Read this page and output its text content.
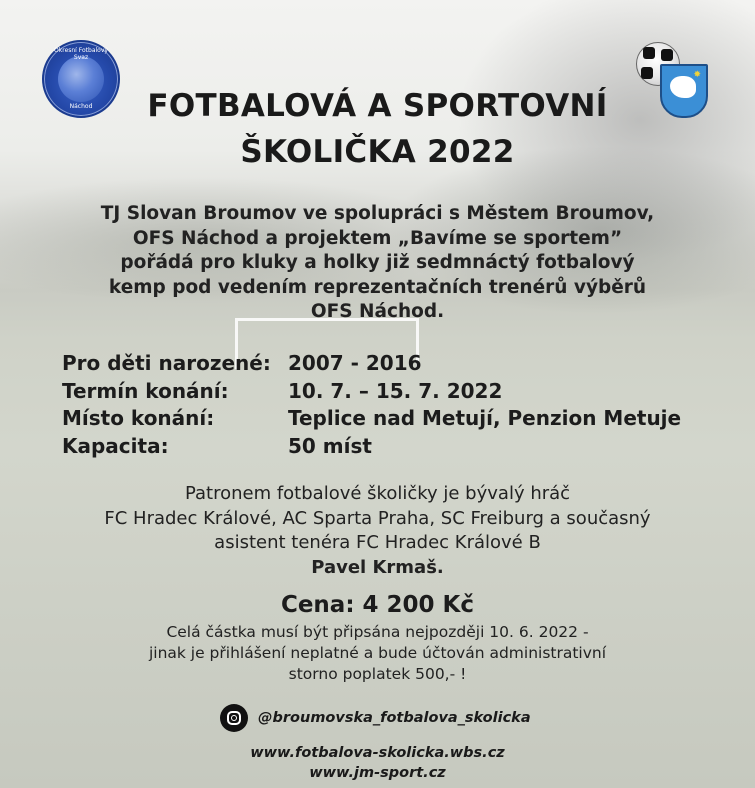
Okresní Fotbalový Svaz
Náchod
✸
FOTBALOVÁ A SPORTOVNÍ
ŠKOLIČKA 2022
TJ Slovan Broumov ve spolupráci s Městem Broumov,
OFS Náchod a projektem „Bavíme se sportem”
pořádá pro kluky a holky již sedmnáctý fotbalový
kemp pod vedením reprezentačních trenérů výběrů
OFS Náchod.
Pro děti narozené: 2007 - 2016
Termín konání:	10. 7. – 15. 7. 2022
Místo konání:	Teplice nad Metují, Penzion Metuje
Kapacita:	50 míst
Patronem fotbalové školičky je bývalý hráč
FC Hradec Králové, AC Sparta Praha, SC Freiburg a současný
asistent tenéra FC Hradec Králové B
Pavel Krmaš.
Cena: 4 200 Kč
Celá částka musí být připsána nejpozději 10. 6. 2022 -
jinak je přihlášení neplatné a bude účtován administrativní
storno poplatek 500,- !
@broumovska_fotbalova_skolicka
www.fotbalova-skolicka.wbs.cz
www.jm-sport.cz
